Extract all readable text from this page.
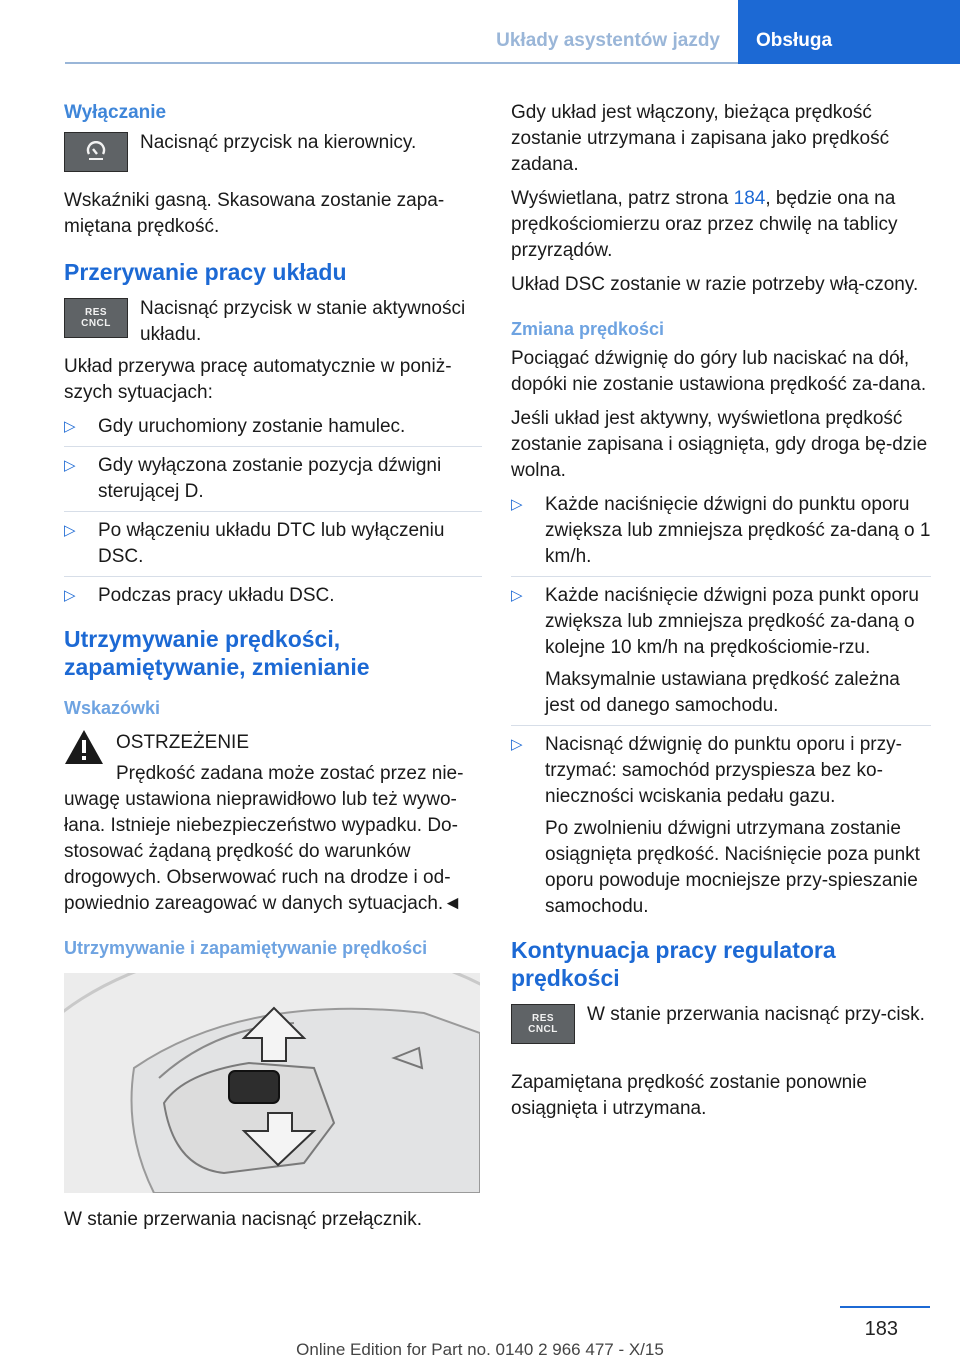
Układy asystentów jazdy Obsługa
Wyłączanie
Nacisnąć przycisk na kierownicy.

Wskaźniki gasną. Skasowana zostanie zapa-miętana prędkość.

Przerywanie pracy układu
RES
CNCL
Nacisnąć przycisk w stanie aktywności układu.

Układ przerywa pracę automatycznie w poniż-szych sytuacjach:

▷ Gdy uruchomiony zostanie hamulec.
▷ Gdy wyłączona zostanie pozycja dźwigni sterującej D.
▷ Po włączeniu układu DTC lub wyłączeniu DSC.
▷ Podczas pracy układu DSC.
Utrzymywanie prędkości, zapamiętywanie, zmienianie
Wskazówki
OSTRZEŻENIE
Prędkość zadana może zostać przez nie-
uwagę ustawiona nieprawidłowo lub też wywo-łana. Istnieje niebezpieczeństwo wypadku. Do-stosować żądaną prędkość do warunków drogowych. Obserwować ruch na drodze i od-powiednio zareagować w danych sytuacjach.◄
Utrzymywanie i zapamiętywanie prędkości

W stanie przerwania nacisnąć przełącznik.

Gdy układ jest włączony, bieżąca prędkość zostanie utrzymana i zapisana jako prędkość zadana.

Wyświetlana, patrz strona 184, będzie ona na prędkościomierzu oraz przez chwilę na tablicy przyrządów.

Układ DSC zostanie w razie potrzeby włą-czony.

Zmiana prędkości

Pociągać dźwignię do góry lub naciskać na dół, dopóki nie zostanie ustawiona prędkość za-dana.

Jeśli układ jest aktywny, wyświetlona prędkość zostanie zapisana i osiągnięta, gdy droga bę-dzie wolna.

▷ Każde naciśnięcie dźwigni do punktu oporu zwiększa lub zmniejsza prędkość za-daną o 1 km/h.
▷ Każde naciśnięcie dźwigni poza punkt oporu zwiększa lub zmniejsza prędkość za-daną o kolejne 10 km/h na prędkościomie-rzu.
Maksymalnie ustawiana prędkość zależna jest od danego samochodu.
▷ Nacisnąć dźwignię do punktu oporu i przy-trzymać: samochód przyspiesza bez ko-nieczności wciskania pedału gazu.
Po zwolnieniu dźwigni utrzymana zostanie osiągnięta prędkość. Naciśnięcie poza punkt oporu powoduje mocniejsze przy-spieszanie samochodu.
Kontynuacja pracy regulatora prędkości
RES
CNCL
W stanie przerwania nacisnąć przy-cisk.

Zapamiętana prędkość zostanie ponownie osiągnięta i utrzymana.

183
Online Edition for Part no. 0140 2 966 477 - X/15
